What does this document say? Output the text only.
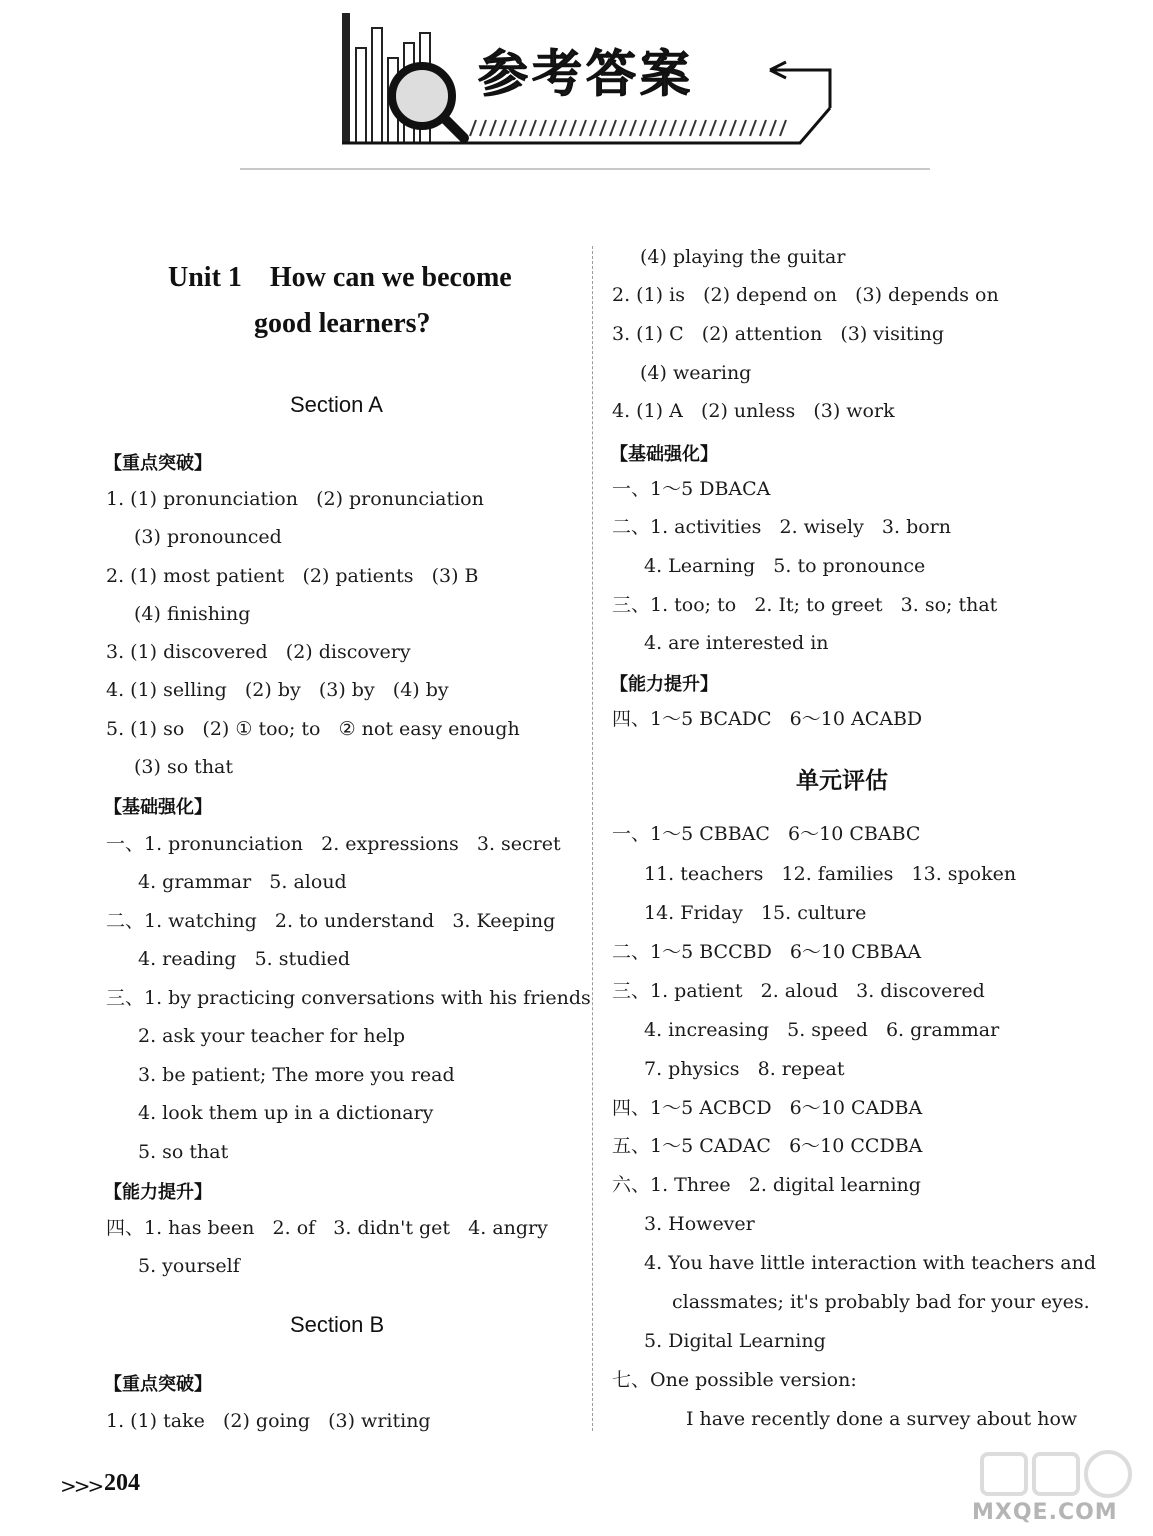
参考答案
Unit 1    How can we become
good learners?
Section A
【重点突破】
1. (1) pronunciation   (2) pronunciation
(3) pronounced
2. (1) most patient   (2) patients   (3) B
(4) finishing
3. (1) discovered   (2) discovery
4. (1) selling   (2) by   (3) by   (4) by
5. (1) so   (2) ① too; to   ② not easy enough
(3) so that
【基础强化】
一、1. pronunciation   2. expressions   3. secret
4. grammar   5. aloud
二、1. watching   2. to understand   3. Keeping
4. reading   5. studied
三、1. by practicing conversations with his friends
2. ask your teacher for help
3. be patient; The more you read
4. look them up in a dictionary
5. so that
【能力提升】
四、1. has been   2. of   3. didn't get   4. angry
5. yourself
Section B
【重点突破】
1. (1) take   (2) going   (3) writing
(4) playing the guitar
2. (1) is   (2) depend on   (3) depends on
3. (1) C   (2) attention   (3) visiting
(4) wearing
4. (1) A   (2) unless   (3) work
【基础强化】
一、1～5 DBACA
二、1. activities   2. wisely   3. born
4. Learning   5. to pronounce
三、1. too; to   2. It; to greet   3. so; that
4. are interested in
【能力提升】
四、1～5 BCADC   6～10 ACABD
单元评估
一、1～5 CBBAC   6～10 CBABC
11. teachers   12. families   13. spoken
14. Friday   15. culture
二、1～5 BCCBD   6～10 CBBAA
三、1. patient   2. aloud   3. discovered
4. increasing   5. speed   6. grammar
7. physics   8. repeat
四、1～5 ACBCD   6～10 CADBA
五、1～5 CADAC   6～10 CCDBA
六、1. Three   2. digital learning
3. However
4. You have little interaction with teachers and
classmates; it's probably bad for your eyes.
5. Digital Learning
七、One possible version:
I have recently done a survey about how
>>> 204
MXQE.COM
